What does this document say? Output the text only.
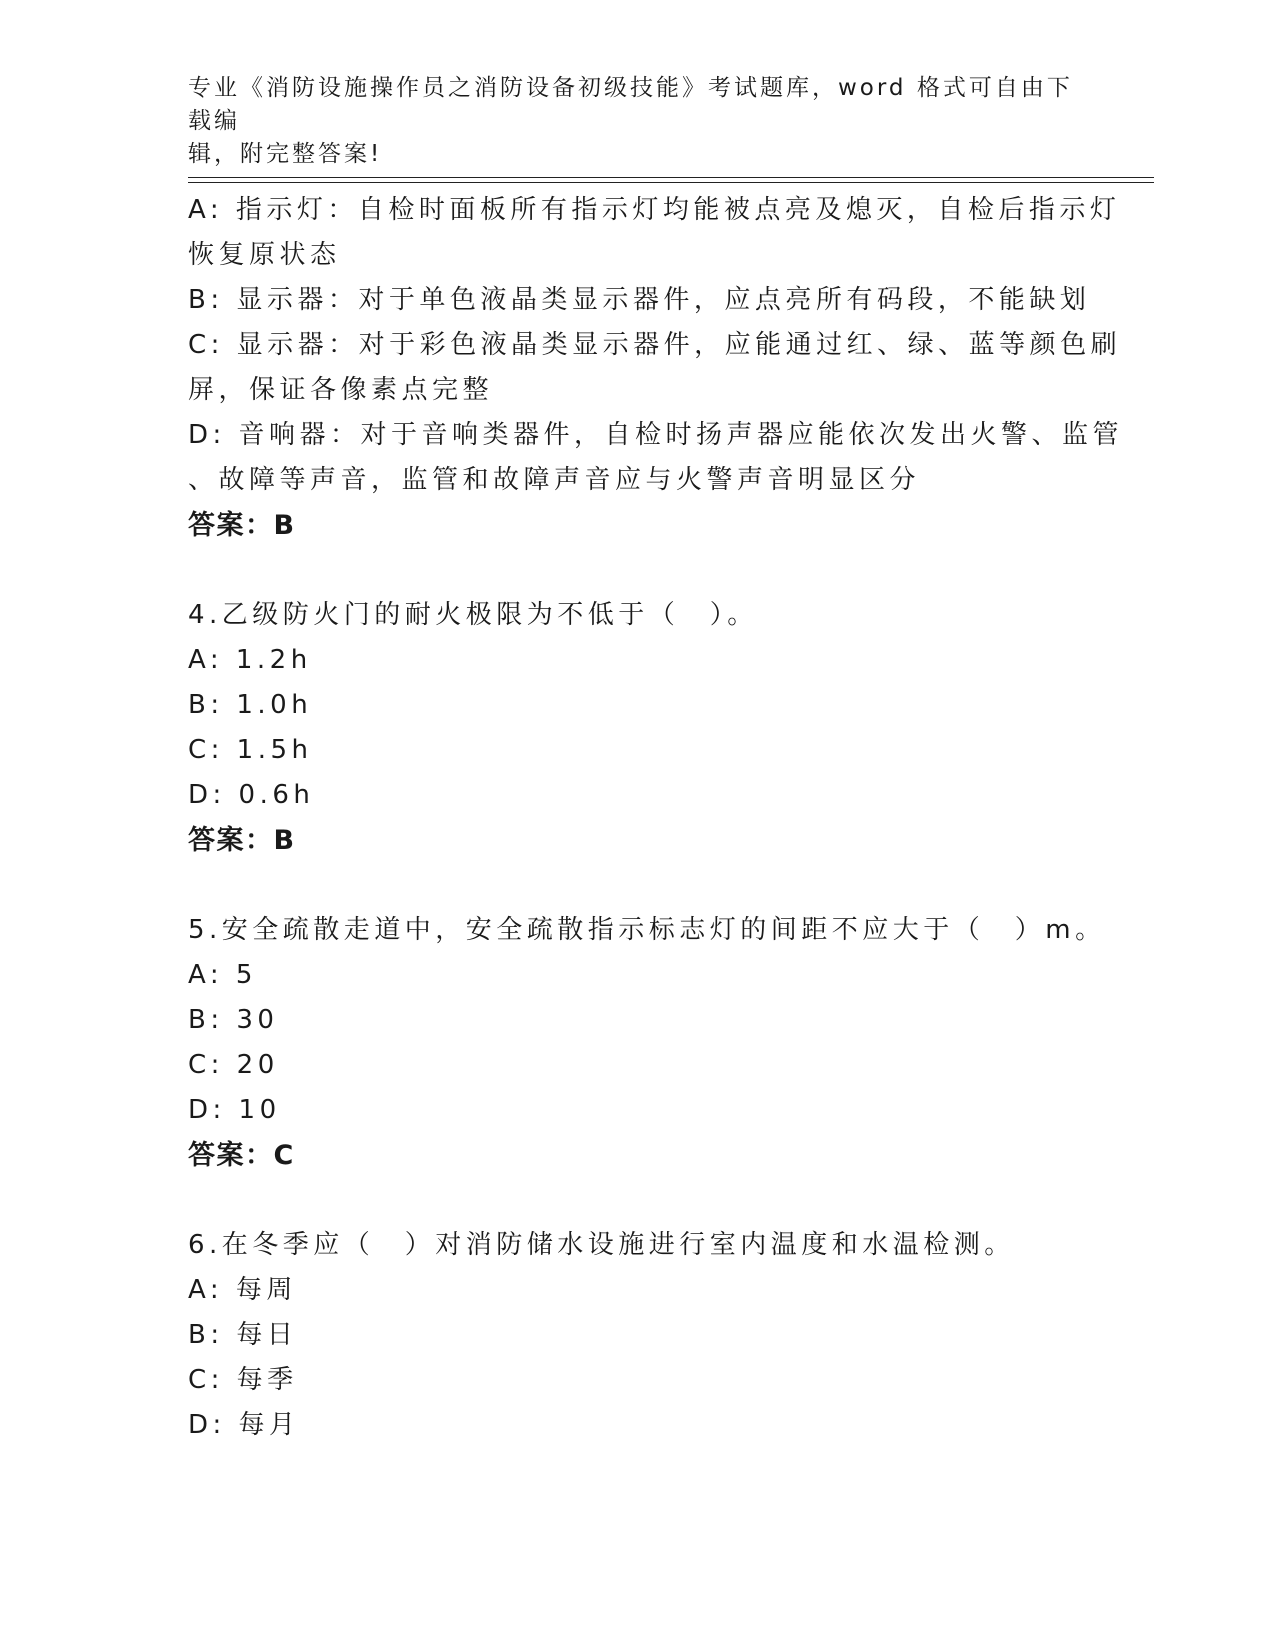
专业《消防设施操作员之消防设备初级技能》考试题库，word 格式可自由下载编
辑，附完整答案!
A: 指示灯：自检时面板所有指示灯均能被点亮及熄灭，自检后指示灯
恢复原状态
B: 显示器：对于单色液晶类显示器件，应点亮所有码段，不能缺划
C: 显示器：对于彩色液晶类显示器件，应能通过红、绿、蓝等颜色刷
屏，保证各像素点完整
D: 音响器：对于音响类器件，自检时扬声器应能依次发出火警、监管
、故障等声音，监管和故障声音应与火警声音明显区分
答案：B
4.乙级防火门的耐火极限为不低于（　）。
A: 1.2h
B: 1.0h
C: 1.5h
D: 0.6h
答案：B
5.安全疏散走道中，安全疏散指示标志灯的间距不应大于（　）m。
A: 5
B: 30
C: 20
D: 10
答案：C
6.在冬季应（　）对消防储水设施进行室内温度和水温检测。
A: 每周
B: 每日
C: 每季
D: 每月
